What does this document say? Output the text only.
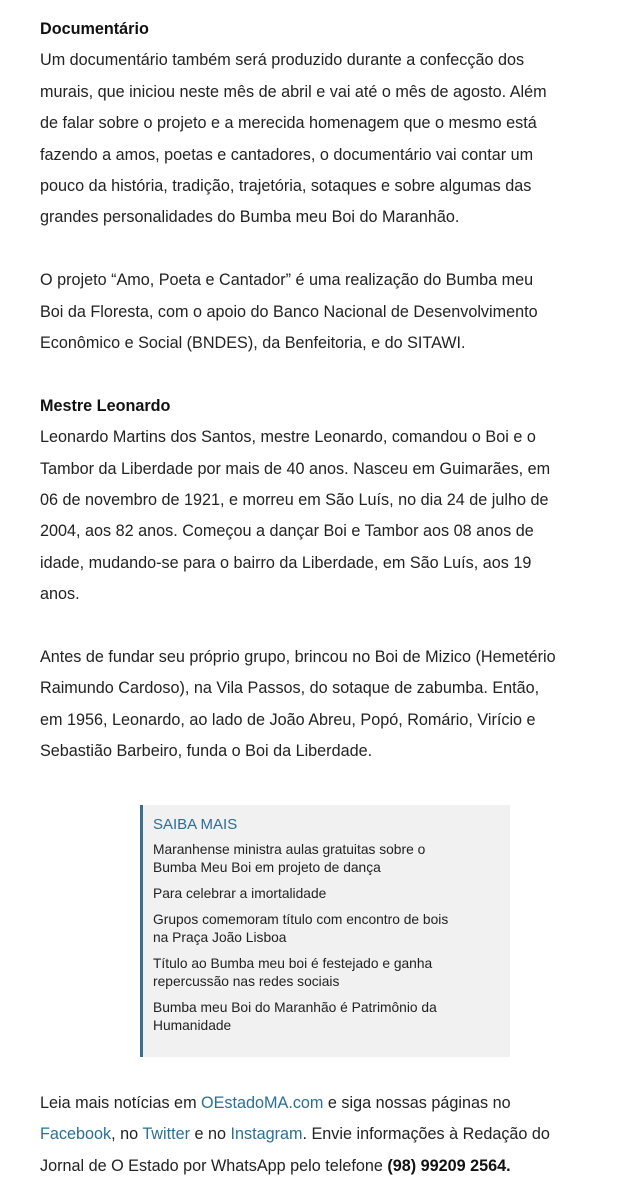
Documentário

Um documentário também será produzido durante a confecção dos

murais, que iniciou neste mês de abril e vai até o mês de agosto. Além

de falar sobre o projeto e a merecida homenagem que o mesmo está

fazendo a amos, poetas e cantadores, o documentário vai contar um

pouco da história, tradição, trajetória, sotaques e sobre algumas das

grandes personalidades do Bumba meu Boi do Maranhão.

O projeto “Amo, Poeta e Cantador” é uma realização do Bumba meu

Boi da Floresta, com o apoio do Banco Nacional de Desenvolvimento

Econômico e Social (BNDES), da Benfeitoria, e do SITAWI.

Mestre Leonardo

Leonardo Martins dos Santos, mestre Leonardo, comandou o Boi e o

Tambor da Liberdade por mais de 40 anos. Nasceu em Guimarães, em

06 de novembro de 1921, e morreu em São Luís, no dia 24 de julho de

2004, aos 82 anos. Começou a dançar Boi e Tambor aos 08 anos de

idade, mudando-se para o bairro da Liberdade, em São Luís, aos 19

anos.

Antes de fundar seu próprio grupo, brincou no Boi de Mizico (Hemetério

Raimundo Cardoso), na Vila Passos, do sotaque de zabumba. Então,

em 1956, Leonardo, ao lado de João Abreu, Popó, Romário, Virício e

Sebastião Barbeiro, funda o Boi da Liberdade.

SAIBA MAIS
Maranhense ministra aulas gratuitas sobre o
Bumba Meu Boi em projeto de dança
Para celebrar a imortalidade
Grupos comemoram título com encontro de bois
na Praça João Lisboa
Título ao Bumba meu boi é festejado e ganha
repercussão nas redes sociais
Bumba meu Boi do Maranhão é Patrimônio da
Humanidade
Leia mais notícias em OEstadoMA.com e siga nossas páginas no
Facebook, no Twitter e no Instagram. Envie informações à Redação do
Jornal de O Estado por WhatsApp pelo telefone (98) 99209 2564.
